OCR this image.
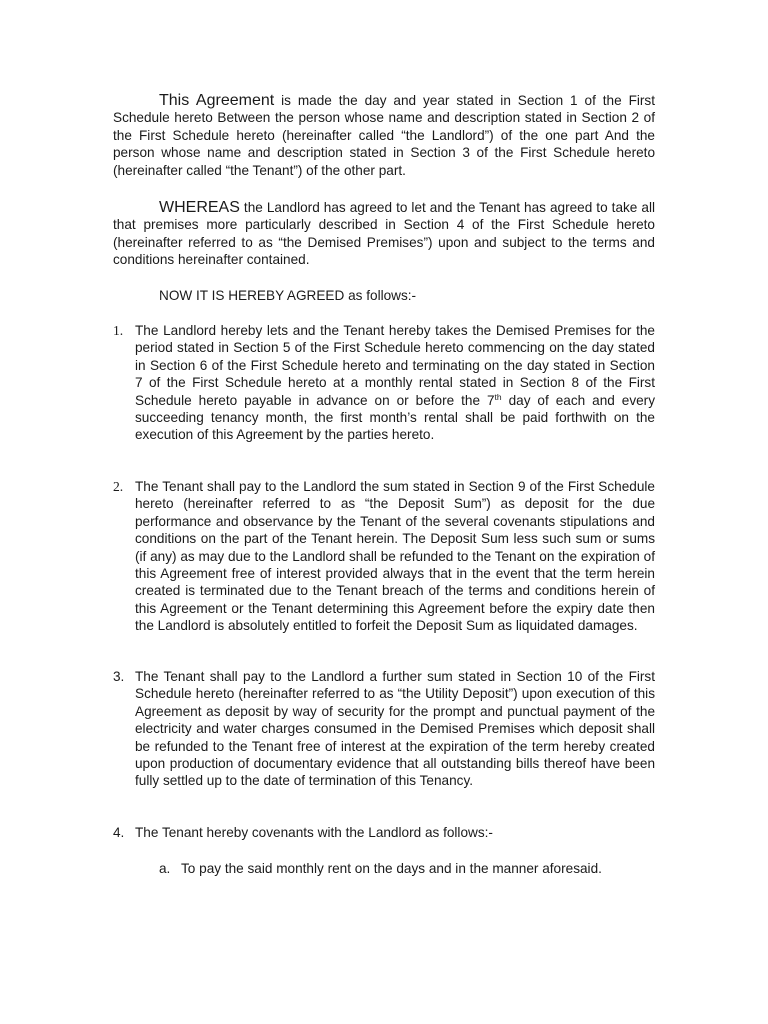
This Agreement is made the day and year stated in Section 1 of the First Schedule hereto Between the person whose name and description stated in Section 2 of the First Schedule hereto (hereinafter called “the Landlord”) of the one part And the person whose name and description stated in Section 3 of the First Schedule hereto (hereinafter called “the Tenant”) of the other part.

WHEREAS the Landlord has agreed to let and the Tenant has agreed to take all that premises more particularly described in Section 4 of the First Schedule hereto (hereinafter referred to as “the Demised Premises”) upon and subject to the terms and conditions hereinafter contained.

NOW IT IS HEREBY AGREED as follows:-

1. The Landlord hereby lets and the Tenant hereby takes the Demised Premises for the period stated in Section 5 of the First Schedule hereto commencing on the day stated in Section 6 of the First Schedule hereto and terminating on the day stated in Section 7 of the First Schedule hereto at a monthly rental stated in Section 8 of the First Schedule hereto payable in advance on or before the 7th day of each and every succeeding tenancy month, the first month’s rental shall be paid forthwith on the execution of this Agreement by the parties hereto.
2. The Tenant shall pay to the Landlord the sum stated in Section 9 of the First Schedule hereto (hereinafter referred to as “the Deposit Sum”) as deposit for the due performance and observance by the Tenant of the several covenants stipulations and conditions on the part of the Tenant herein. The Deposit Sum less such sum or sums (if any) as may due to the Landlord shall be refunded to the Tenant on the expiration of this Agreement free of interest provided always that in the event that the term herein created is terminated due to the Tenant breach of the terms and conditions herein of this Agreement or the Tenant determining this Agreement before the expiry date then the Landlord is absolutely entitled to forfeit the Deposit Sum as liquidated damages.
3. The Tenant shall pay to the Landlord a further sum stated in Section 10 of the First Schedule hereto (hereinafter referred to as “the Utility Deposit”) upon execution of this Agreement as deposit by way of security for the prompt and punctual payment of the electricity and water charges consumed in the Demised Premises which deposit shall be refunded to the Tenant free of interest at the expiration of the term hereby created upon production of documentary evidence that all outstanding bills thereof have been fully settled up to the date of termination of this Tenancy.
4. The Tenant hereby covenants with the Landlord as follows:-
a. To pay the said monthly rent on the days and in the manner aforesaid.
